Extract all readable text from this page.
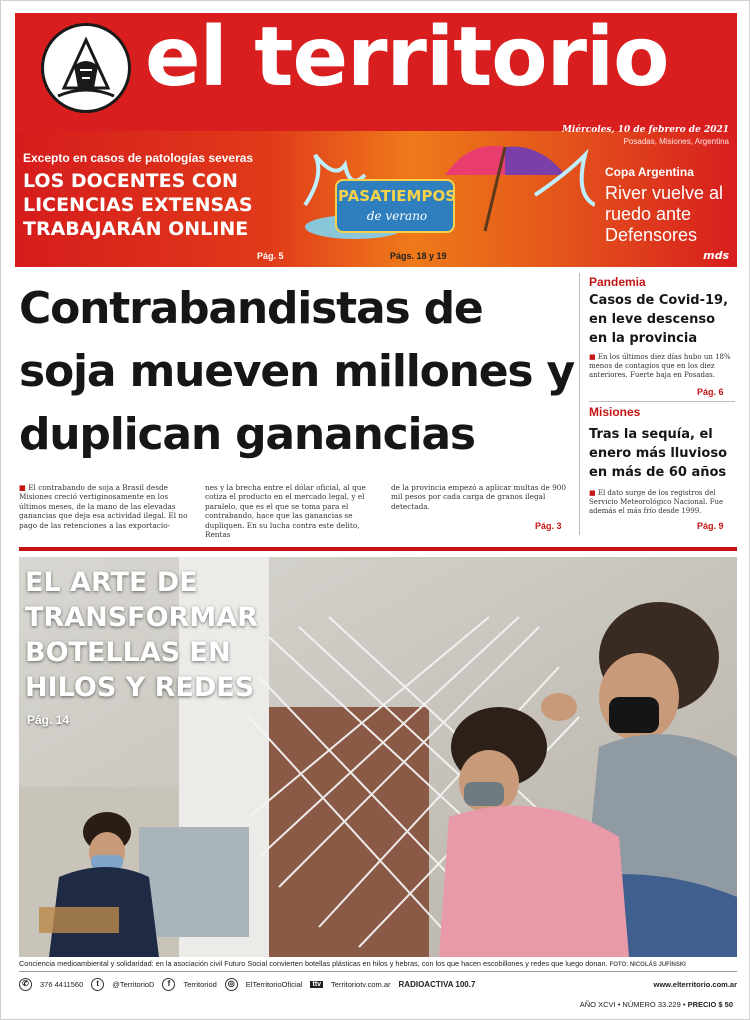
el territorio
Excepto en casos de patologías severas
LOS DOCENTES CON LICENCIAS EXTENSAS TRABAJARÁN ONLINE
Pág. 5
PASATIEMPOS
de verano
Págs. 18 y 19
Copa Argentina
River vuelve al ruedo ante Defensores
mds
Miércoles, 10 de febrero de 2021
Posadas, Misiones, Argentina
Contrabandistas de soja mueven millones y duplican ganancias
■ El contrabando de soja a Brasil desde Misiones creció vertiginosamente en los últimos meses, de la mano de las elevadas ganancias que deja esa actividad ilegal. El no pago de las retenciones a las exportacio-
nes y la brecha entre el dólar oficial, al que cotiza el producto en el mercado legal, y el paralelo, que es el que se toma para el contrabando, hace que las ganancias se dupliquen. En su lucha contra este delito, Rentas
de la provincia empezó a aplicar multas de 900 mil pesos por cada carga de granos ilegal detectada.
Pág. 3
Pandemia
Casos de Covid-19, en leve descenso en la provincia
■ En los últimos diez días hubo un 18% menos de contagios que en los diez anteriores. Fuerte baja en Posadas.
Pág. 6
Misiones
Tras la sequía, el enero más lluvioso en más de 60 años
■ El dato surge de los registros del Servicio Meteorológico Nacional. Fue además el más frío desde 1999.
Pág. 9
EL ARTE DE TRANSFORMAR BOTELLAS EN HILOS Y REDES
Pág. 14
Conciencia medioambiental y solidaridad: en la asociación civil Futuro Social convierten botellas plásticas en hilos y hebras, con los que hacen escobillones y redes que luego donan. FOTO: NICOLÁS JUFINSKI
✆	376 4411560	t	@TerritorioD	f	Territoriod	◎	ElTerritorioOficial ttv Territoriotv.com.ar RADIOACTIVA 100.7	www.elterritorio.com.ar
AÑO XCVI • NÚMERO 33.229 • PRECIO $ 50
